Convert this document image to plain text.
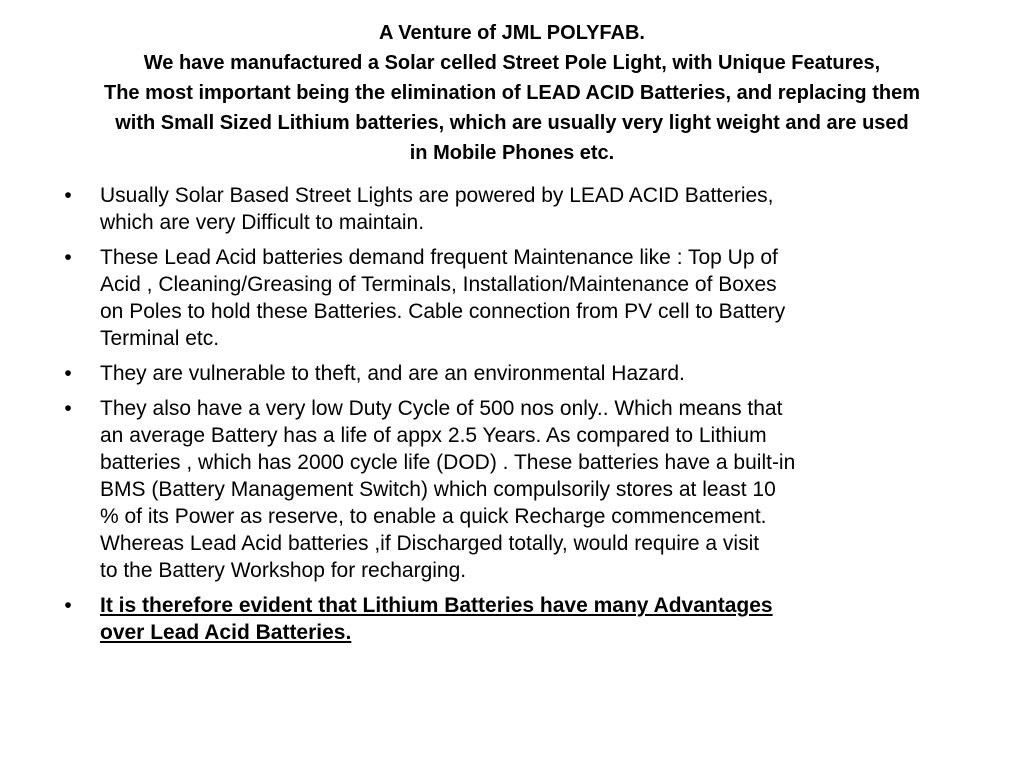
A Venture of JML POLYFAB.
We have manufactured a Solar celled Street Pole Light, with Unique Features,
The most important being the elimination of LEAD ACID Batteries, and replacing them
with Small Sized Lithium batteries, which are usually very light weight and are used
in Mobile Phones etc.
•	Usually Solar Based Street Lights are powered by LEAD ACID Batteries,
which are very Difficult to maintain.
•	These Lead Acid batteries demand frequent Maintenance like : Top Up of
Acid , Cleaning/Greasing of Terminals, Installation/Maintenance of Boxes
on Poles to hold these Batteries. Cable connection from PV cell to Battery
Terminal etc.
•	They are vulnerable to theft, and are an environmental Hazard.
•	They also have a very low Duty Cycle of 500 nos only.. Which means that
an average Battery has a life of appx 2.5 Years. As compared to Lithium
batteries , which has 2000 cycle life (DOD) . These batteries have a built-in
BMS (Battery Management Switch) which compulsorily stores at least 10
% of its Power as reserve, to enable a quick Recharge commencement.
Whereas Lead Acid batteries ,if Discharged totally, would require a visit
to the Battery Workshop for recharging.
•	It is therefore evident that Lithium Batteries have many Advantages
over Lead Acid Batteries.
